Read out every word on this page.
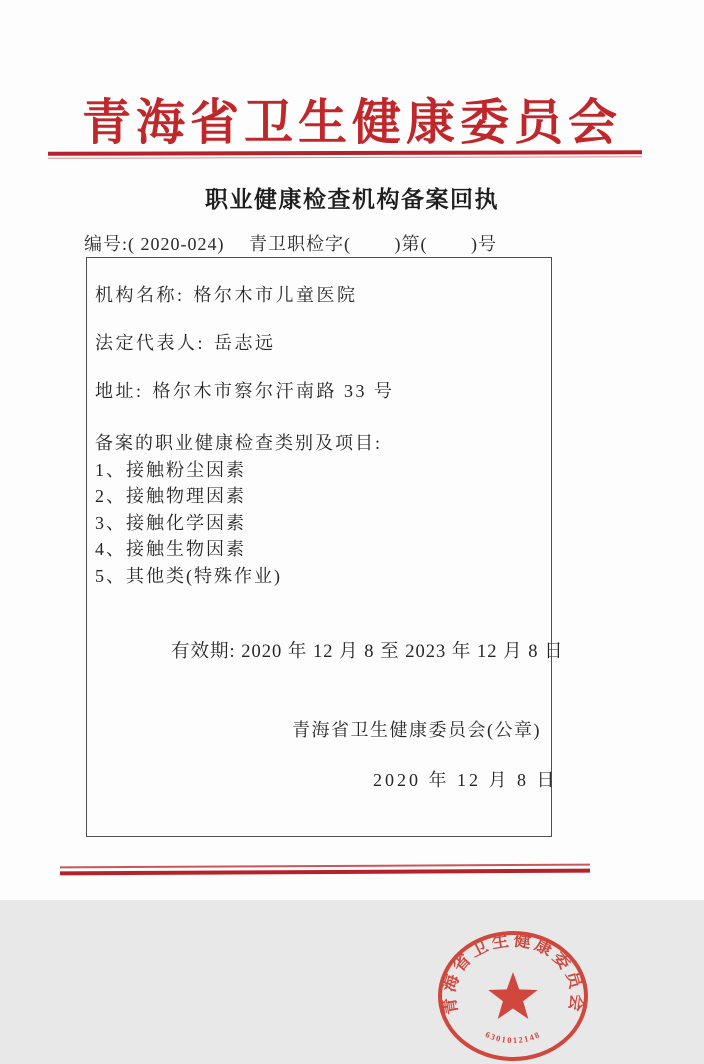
青海省卫生健康委员会
职业健康检查机构备案回执
编号:( 2020-024)　 青卫职检字(　　 )第(　　 )号
机构名称: 格尔木市儿童医院
法定代表人: 岳志远
地址: 格尔木市察尔汗南路 33 号
备案的职业健康检查类别及项目:
1、接触粉尘因素
2、接触物理因素
3、接触化学因素
4、接触生物因素
5、其他类(特殊作业)
有效期: 2020 年 12 月 8 至 2023 年 12 月 8 日
青海省卫生健康委员会(公章)
2020 年 12 月 8 日
青海省卫生健康委员会
6301012148
